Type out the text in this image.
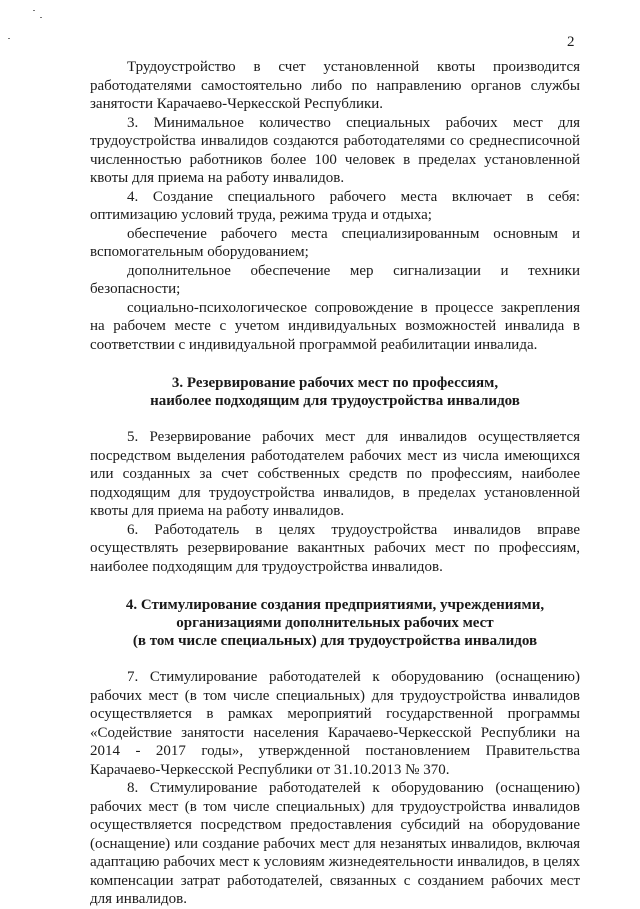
2

Трудоустройство в счет установленной квоты производится работодателями самостоятельно либо по направлению органов службы занятости Карачаево-Черкесской Республики.

3. Минимальное количество специальных рабочих мест для трудоустройства инвалидов создаются работодателями со среднесписочной численностью работников более 100 человек в пределах установленной квоты для приема на работу инвалидов.

4. Создание специального рабочего места включает в себя: оптимизацию условий труда, режима труда и отдыха;

обеспечение рабочего места специализированным основным и вспомогательным оборудованием;

дополнительное обеспечение мер сигнализации и техники безопасности;

социально-психологическое сопровождение в процессе закрепления на рабочем месте с учетом индивидуальных возможностей инвалида в соответствии с индивидуальной программой реабилитации инвалида.

3. Резервирование рабочих мест по профессиям,
наиболее подходящим для трудоустройства инвалидов

5. Резервирование рабочих мест для инвалидов осуществляется посредством выделения работодателем рабочих мест из числа имеющихся или созданных за счет собственных средств по профессиям, наиболее подходящим для трудоустройства инвалидов, в пределах установленной квоты для приема на работу инвалидов.

6. Работодатель в целях трудоустройства инвалидов вправе осуществлять резервирование вакантных рабочих мест по профессиям, наиболее подходящим для трудоустройства инвалидов.

4. Стимулирование создания предприятиями, учреждениями,
организациями дополнительных рабочих мест
(в том числе специальных) для трудоустройства инвалидов

7. Стимулирование работодателей к оборудованию (оснащению) рабочих мест (в том числе специальных) для трудоустройства инвалидов осуществляется в рамках мероприятий государственной программы «Содействие занятости населения Карачаево-Черкесской Республики на 2014 - 2017 годы», утвержденной постановлением Правительства Карачаево-Черкесской Республики от 31.10.2013 № 370.

8. Стимулирование работодателей к оборудованию (оснащению) рабочих мест (в том числе специальных) для трудоустройства инвалидов осуществляется посредством предоставления субсидий на оборудование (оснащение) или создание рабочих мест для незанятых инвалидов, включая адаптацию рабочих мест к условиям жизнедеятельности инвалидов, в целях компенсации затрат работодателей, связанных с созданием рабочих мест для инвалидов.
